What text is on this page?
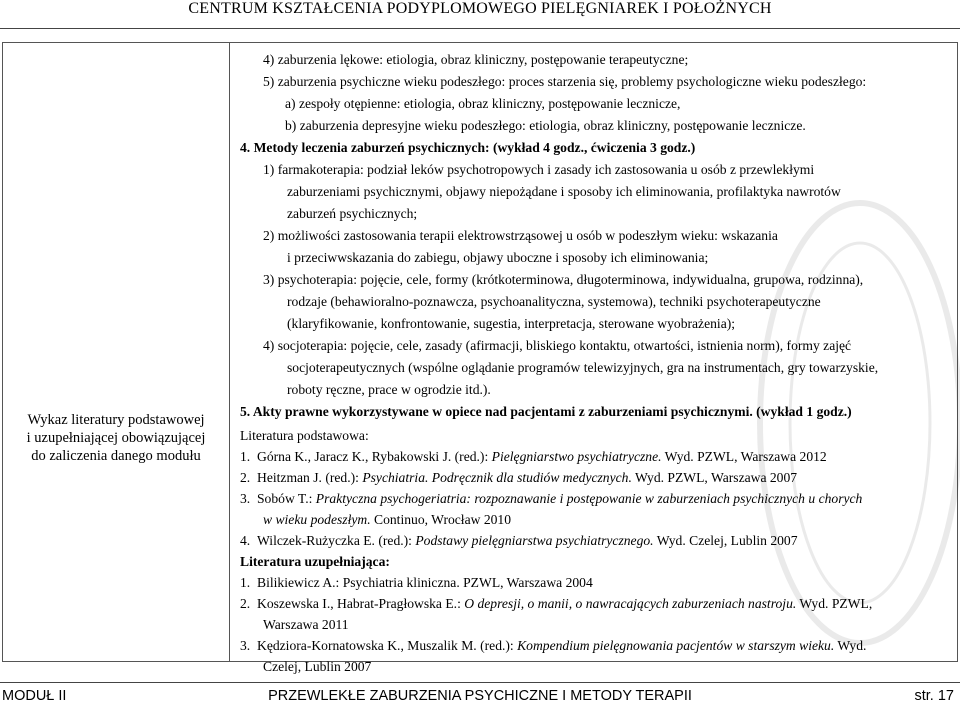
CENTRUM KSZTAŁCENIA PODYPLOMOWEGO PIELĘGNIAREK I POŁOŻNYCH
Wykaz literatury podstawowej
i uzupełniającej obowiązującej
do zaliczenia danego modułu

4) zaburzenia lękowe: etiologia, obraz kliniczny, postępowanie terapeutyczne;
5) zaburzenia psychiczne wieku podeszłego: proces starzenia się, problemy psychologiczne wieku podeszłego:
a) zespoły otępienne: etiologia, obraz kliniczny, postępowanie lecznicze,
b) zaburzenia depresyjne wieku podeszłego: etiologia, obraz kliniczny, postępowanie lecznicze.
4. Metody leczenia zaburzeń psychicznych: (wykład 4 godz., ćwiczenia 3 godz.)
1) farmakoterapia: podział leków psychotropowych i zasady ich zastosowania u osób z przewlekłymi
zaburzeniami psychicznymi, objawy niepożądane i sposoby ich eliminowania, profilaktyka nawrotów
zaburzeń psychicznych;
2) możliwości zastosowania terapii elektrowstrząsowej u osób w podeszłym wieku: wskazania
i przeciwwskazania do zabiegu, objawy uboczne i sposoby ich eliminowania;
3) psychoterapia: pojęcie, cele, formy (krótkoterminowa, długoterminowa, indywidualna, grupowa, rodzinna),
rodzaje (behawioralno-poznawcza, psychoanalityczna, systemowa), techniki psychoterapeutyczne
(klaryfikowanie, konfrontowanie, sugestia, interpretacja, sterowane wyobrażenia);
4) socjoterapia: pojęcie, cele, zasady (afirmacji, bliskiego kontaktu, otwartości, istnienia norm), formy zajęć
socjoterapeutycznych (wspólne oglądanie programów telewizyjnych, gra na instrumentach, gry towarzyskie,
roboty ręczne, prace w ogrodzie itd.).
5. Akty prawne wykorzystywane w opiece nad pacjentami z zaburzeniami psychicznymi. (wykład 1 godz.)
Literatura podstawowa:
1. Górna K., Jaracz K., Rybakowski J. (red.): Pielęgniarstwo psychiatryczne. Wyd. PZWL, Warszawa 2012
2. Heitzman J. (red.): Psychiatria. Podręcznik dla studiów medycznych. Wyd. PZWL, Warszawa 2007
3. Sobów T.: Praktyczna psychogeriatria: rozpoznawanie i postępowanie w zaburzeniach psychicznych u chorych
w wieku podeszłym. Continuo, Wrocław 2010
4. Wilczek-Rużyczka E. (red.): Podstawy pielęgniarstwa psychiatrycznego. Wyd. Czelej, Lublin 2007
Literatura uzupełniająca:
1. Bilikiewicz A.: Psychiatria kliniczna. PZWL, Warszawa 2004
2. Koszewska I., Habrat-Pragłowska E.: O depresji, o manii, o nawracających zaburzeniach nastroju. Wyd. PZWL,
Warszawa 2011
3. Kędziora-Kornatowska K., Muszalik M. (red.): Kompendium pielęgnowania pacjentów w starszym wieku. Wyd.
Czelej, Lublin 2007
MODUŁ II	PRZEWLEKŁE ZABURZENIA PSYCHICZNE I METODY TERAPII	str. 17
